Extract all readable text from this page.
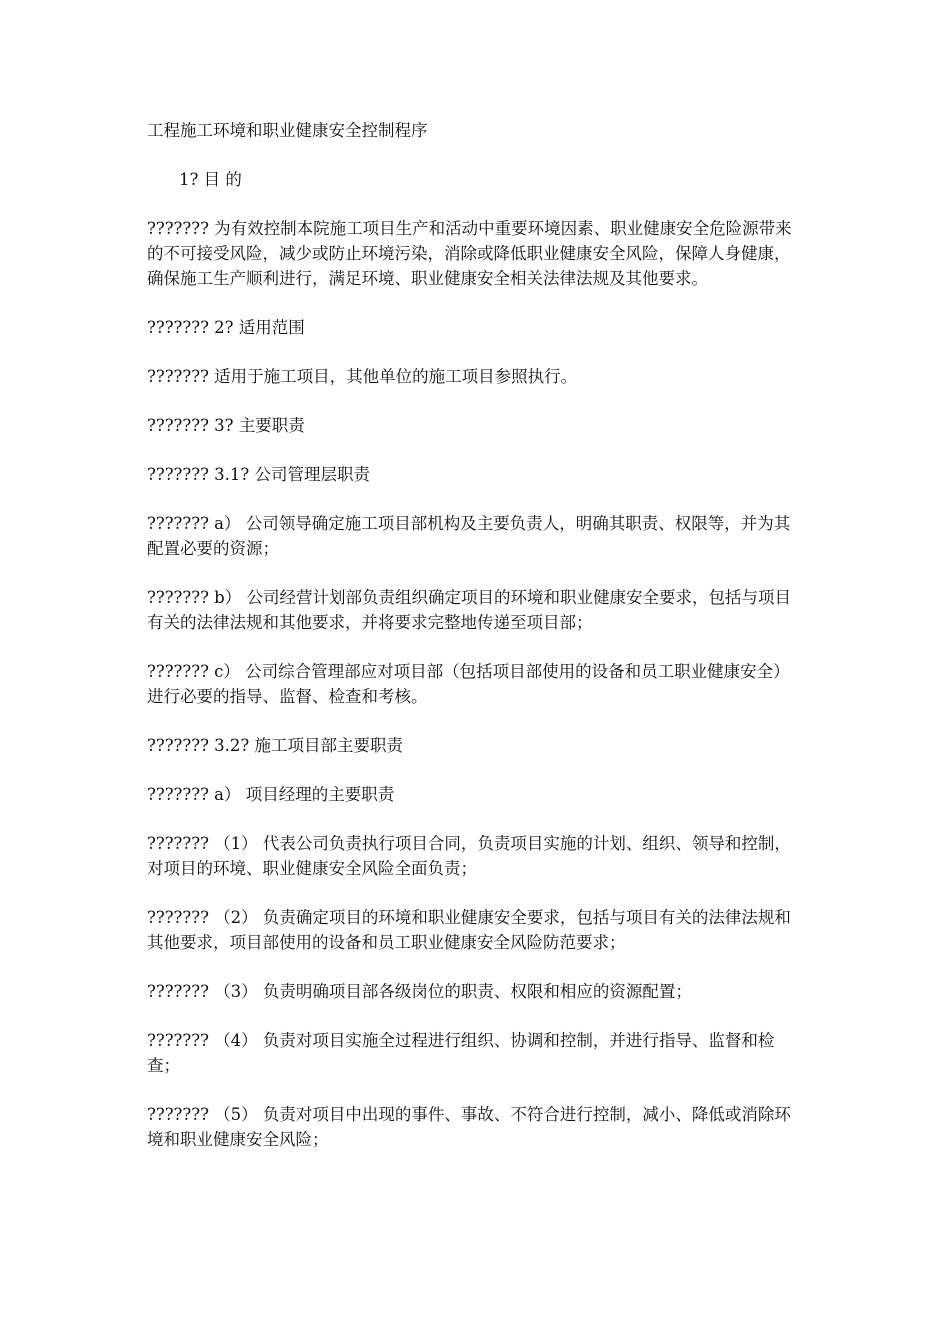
工程施工环境和职业健康安全控制程序

1? 目 的

??????? 为有效控制本院施工项目生产和活动中重要环境因素、职业健康安全危险源带来的不可接受风险，减少或防止环境污染，消除或降低职业健康安全风险，保障人身健康，确保施工生产顺利进行，满足环境、职业健康安全相关法律法规及其他要求。

??????? 2? 适用范围

??????? 适用于施工项目，其他单位的施工项目参照执行。

??????? 3? 主要职责

??????? 3.1? 公司管理层职责

??????? a） 公司领导确定施工项目部机构及主要负责人，明确其职责、权限等，并为其配置必要的资源；

??????? b） 公司经营计划部负责组织确定项目的环境和职业健康安全要求，包括与项目有关的法律法规和其他要求，并将要求完整地传递至项目部；

??????? c） 公司综合管理部应对项目部（包括项目部使用的设备和员工职业健康安全）进行必要的指导、监督、检查和考核。

??????? 3.2? 施工项目部主要职责

??????? a） 项目经理的主要职责

??????? （1） 代表公司负责执行项目合同，负责项目实施的计划、组织、领导和控制，对项目的环境、职业健康安全风险全面负责；

??????? （2） 负责确定项目的环境和职业健康安全要求，包括与项目有关的法律法规和其他要求，项目部使用的设备和员工职业健康安全风险防范要求；

??????? （3） 负责明确项目部各级岗位的职责、权限和相应的资源配置；

??????? （4） 负责对项目实施全过程进行组织、协调和控制，并进行指导、监督和检查；

??????? （5） 负责对项目中出现的事件、事故、不符合进行控制，减小、降低或消除环境和职业健康安全风险；
